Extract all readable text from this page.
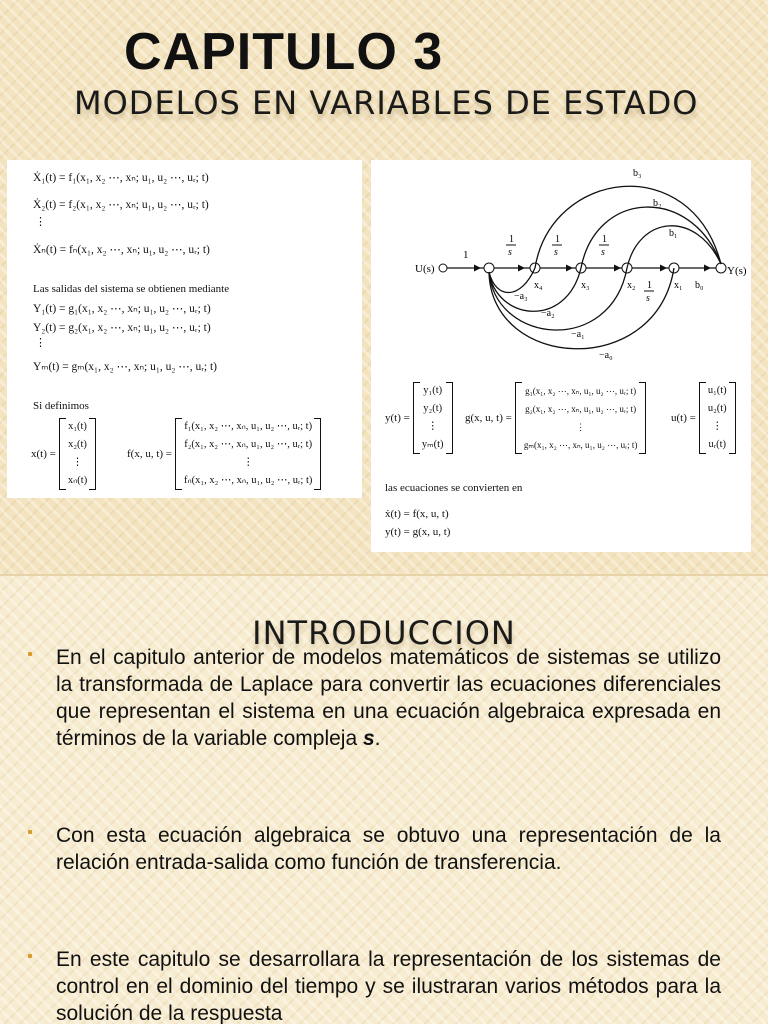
CAPITULO 3
MODELOS EN VARIABLES DE ESTADO
Ẋ₁(t) = f₁(x₁, x₂ ⋯, xₙ; u₁, u₂ ⋯, uᵣ; t)
Ẋ₂(t) = f₂(x₁, x₂ ⋯, xₙ; u₁, u₂ ⋯, uᵣ; t)
⋮
Ẋₙ(t) = fₙ(x₁, x₂ ⋯, xₙ; u₁, u₂ ⋯, uᵣ; t)
Las salidas del sistema se obtienen mediante
Y₁(t) = g₁(x₁, x₂ ⋯, xₙ; u₁, u₂ ⋯, uᵣ; t)
Y₂(t) = g₂(x₁, x₂ ⋯, xₙ; u₁, u₂ ⋯, uᵣ; t)
⋮
Yₘ(t) = gₘ(x₁, x₂ ⋯, xₙ; u₁, u₂ ⋯, uᵣ; t)
Si definimos
x(t) =
x₁(t)
x₂(t)
⋮
xₙ(t)
f(x, u, t) =
f₁(x₁, x₂ ⋯, xₙ, u₁, u₂ ⋯, uᵣ; t)
f₂(x₁, x₂ ⋯, xₙ, u₁, u₂ ⋯, uᵣ; t)
⋮
fₙ(x₁, x₂ ⋯, xₙ, u₁, u₂ ⋯, uᵣ; t)
U(s)	Y(s)
1
1
s
1
s
1
s
1
s
x₄	x₃	x₂	x₁
b₃
b₂
b₁
b₀
−a₃
−a₂
−a₁
−a₀
y(t) =
y₁(t)
y₂(t)
⋮
yₘ(t)
g(x, u, t) =
g₁(x₁, x₂ ⋯, xₙ, u₁, u₂ ⋯, uᵣ; t)
g₂(x₁, x₂ ⋯, xₙ, u₁, u₂ ⋯, uᵣ; t)
⋮
gₘ(x₁, x₂ ⋯, xₙ, u₁, u₂ ⋯, uᵣ; t)
u(t) =
u₁(t)
u₂(t)
⋮
uᵣ(t)
las ecuaciones se convierten en
ẋ(t) = f(x, u, t)
y(t) = g(x, u, t)
INTRODUCCION

En el capitulo anterior de modelos matemáticos de sistemas se utilizo la transformada de Laplace para convertir las ecuaciones diferenciales que representan el sistema en una ecuación algebraica expresada en términos de la variable compleja s.

Con esta ecuación algebraica se obtuvo una representación de la relación entrada-salida como función de transferencia.

En este capitulo se desarrollara la representación de los sistemas de control en el dominio del tiempo y se ilustraran varios métodos para la solución de la respuesta
